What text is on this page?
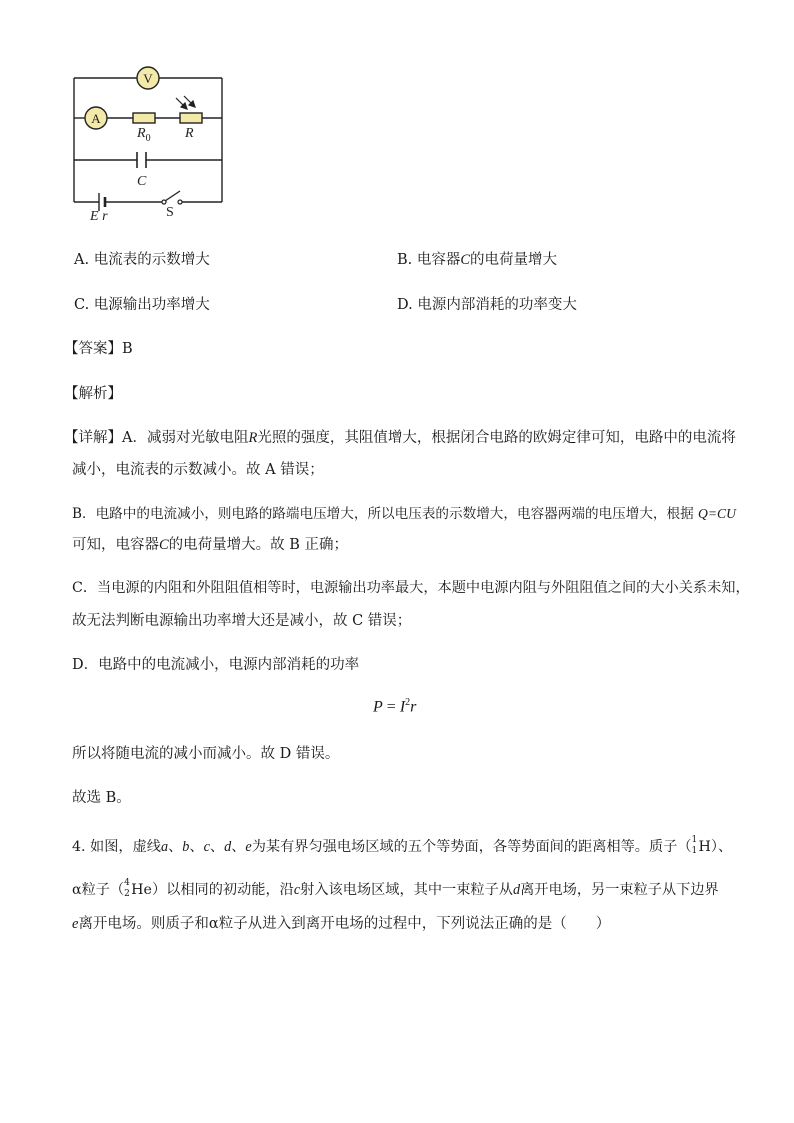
V
A
$R_0$ R
C
E r	S
A. 电流表的示数增大	B. 电容器C的电荷量增大
C. 电源输出功率增大	D. 电源内部消耗的功率变大
【答案】B
【解析】
【详解】A．减弱对光敏电阻R光照的强度，其阻值增大，根据闭合电路的欧姆定律可知，电路中的电流将
减小，电流表的示数减小。故 A 错误；
B．电路中的电流减小，则电路的路端电压增大，所以电压表的示数增大，电容器两端的电压增大，根据 Q=CU
可知，电容器C的电荷量增大。故 B 正确；
C．当电源的内阻和外阻阻值相等时，电源输出功率最大，本题中电源内阻与外阻阻值之间的大小关系未知，
故无法判断电源输出功率增大还是减小，故 C 错误；
D．电路中的电流减小，电源内部消耗的功率
$P = I^2r$
所以将随电流的减小而减小。故 D 错误。
故选 B。
4. 如图，虚线a、b、c、d、e为某有界匀强电场区域的五个等势面，各等势面间的距离相等。质子（ 1
1 H）、
α粒子（ 4
2 He）以相同的初动能，沿c射入该电场区域，其中一束粒子从d离开电场，另一束粒子从下边界
e离开电场。则质子和α粒子从进入到离开电场的过程中，下列说法正确的是（　　）
